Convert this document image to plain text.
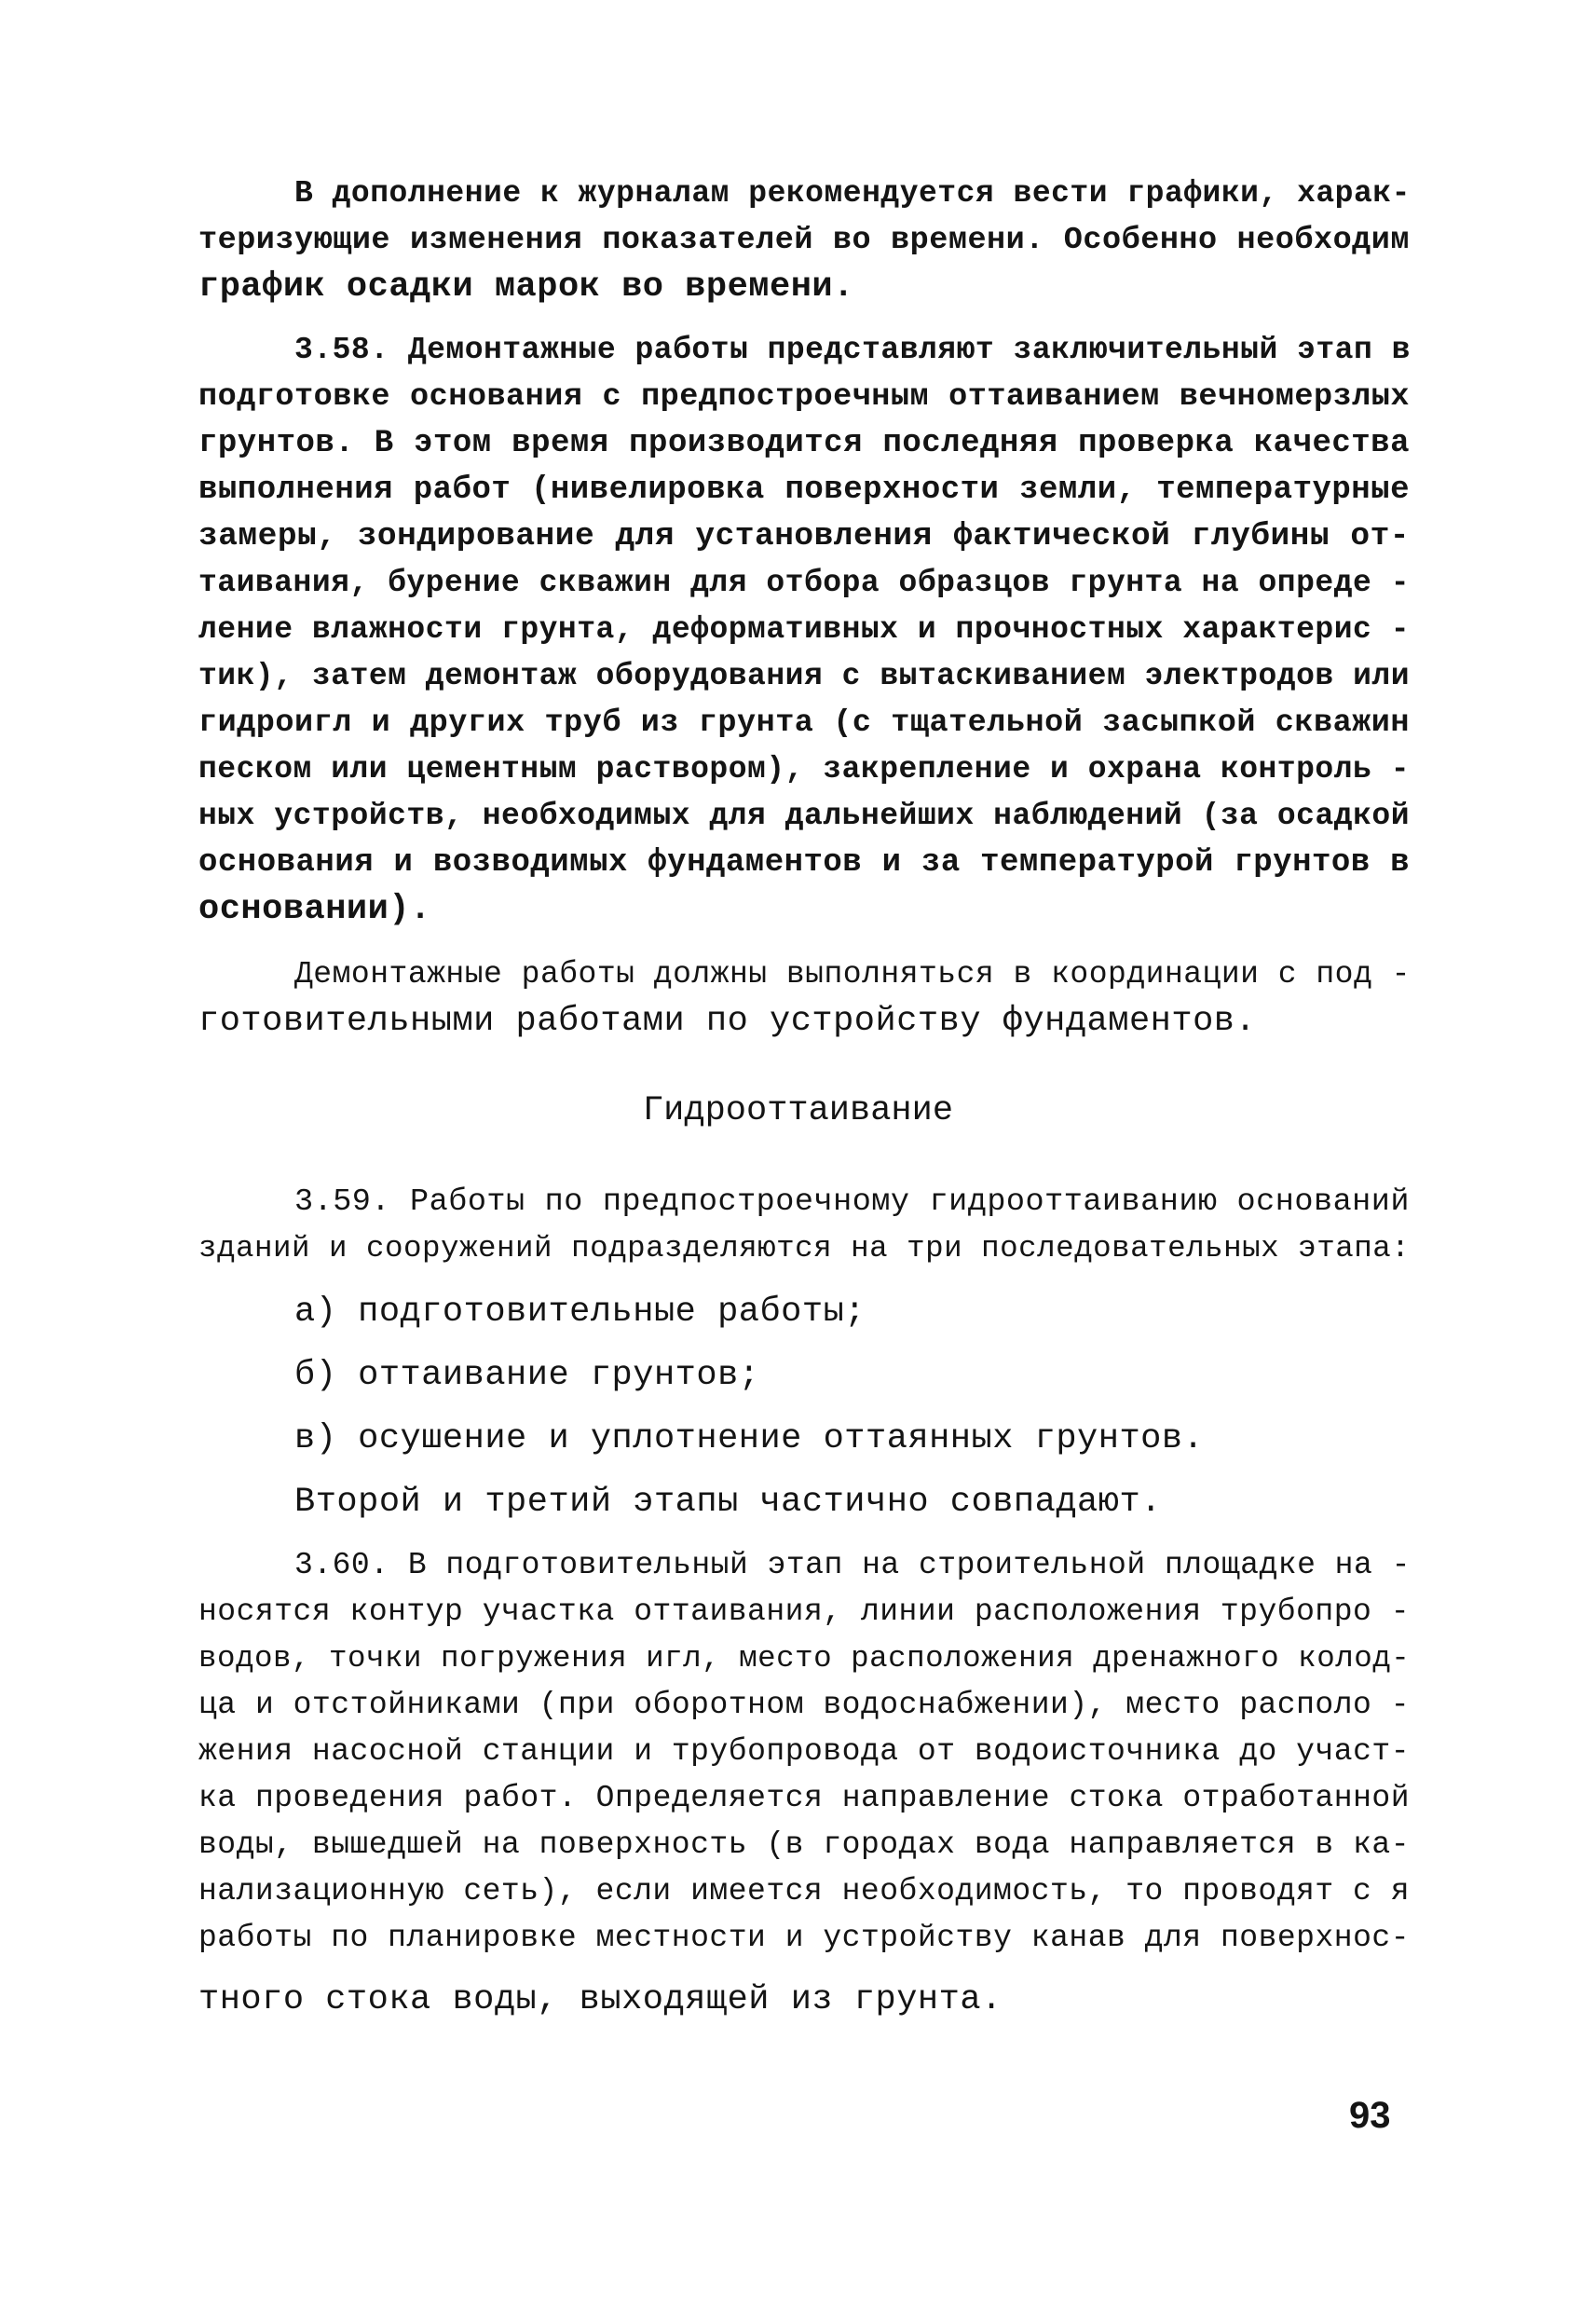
В дополнение к журналам рекомендуется вести графики, харак-
теризующие изменения показателей во времени. Особенно необходим
график осадки марок во времени.
3.58. Демонтажные работы представляют заключительный этап в
подготовке основания с предпостроечным оттаиванием вечномерзлых
грунтов. В этом время производится последняя проверка качества
выполнения работ (нивелировка поверхности земли, температурные
замеры, зондирование для установления фактической глубины от-
таивания, бурение скважин для отбора образцов грунта на опреде -
ление влажности грунта, деформативных и прочностных характерис -
тик), затем демонтаж оборудования с вытаскиванием электродов или
гидроигл и других труб из грунта (с тщательной засыпкой скважин
песком или цементным раствором), закрепление и охрана контроль -
ных устройств, необходимых для дальнейших наблюдений (за осадкой
основания и возводимых фундаментов и за температурой грунтов в
основании).
Демонтажные работы должны выполняться в координации с под -
готовительными работами по устройству фундаментов.
Гидрооттаивание
3.59. Работы по предпостроечному гидрооттаиванию оснований
зданий и сооружений подразделяются на три последовательных этапа:
а) подготовительные работы;
б) оттаивание грунтов;
в) осушение и уплотнение оттаянных грунтов.
Второй и третий этапы частично совпадают.
3.60. В подготовительный этап на строительной площадке на -
носятся контур участка оттаивания, линии расположения трубопро -
водов, точки погружения игл, место расположения дренажного колод-
ца и отстойниками (при оборотном водоснабжении), место располо -
жения насосной станции и трубопровода от водоисточника до участ-
ка проведения работ. Определяется направление стока отработанной
воды, вышедшей на поверхность (в городах вода направляется в ка-
нализационную сеть), если имеется необходимость, то проводят с я
работы по планировке местности и устройству канав для поверхнос-
тного стока воды, выходящей из грунта.
93
